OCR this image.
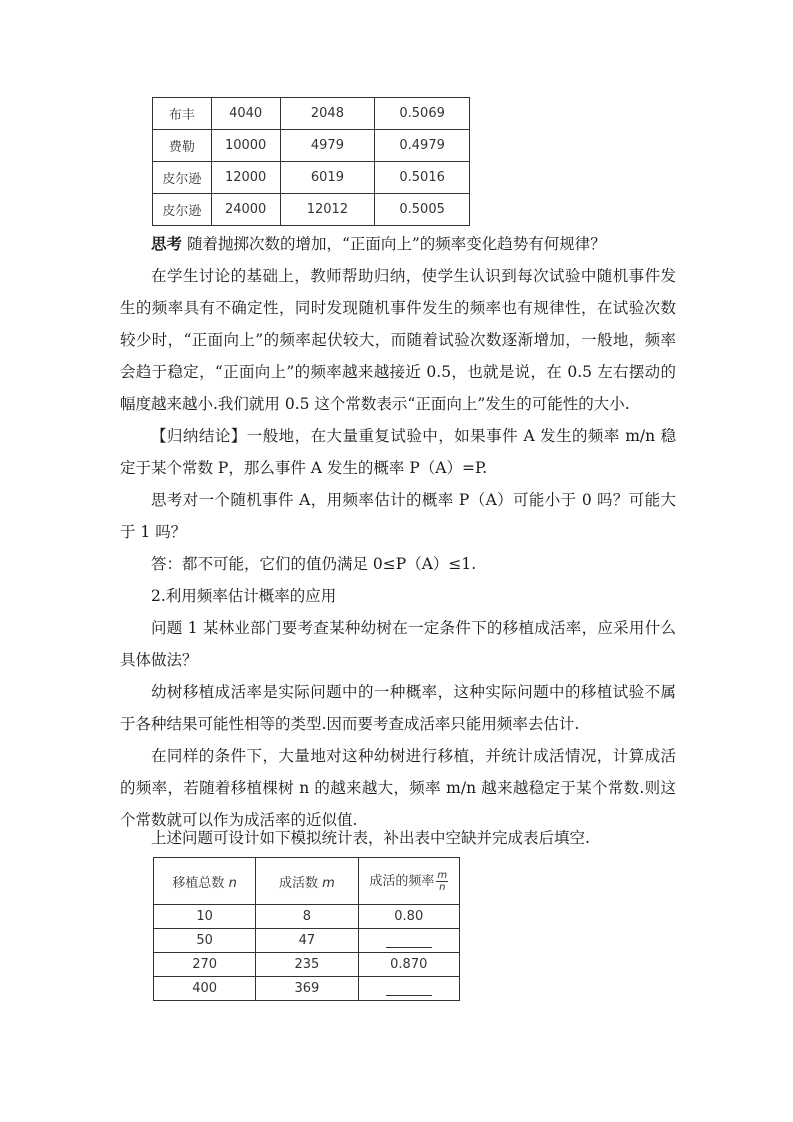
布丰	4040	2048	0.5069
费勒	10000	4979	0.4979
皮尔逊	12000	6019	0.5016
皮尔逊	24000	12012	0.5005

思考 随着抛掷次数的增加，“正面向上”的频率变化趋势有何规律？

在学生讨论的基础上，教师帮助归纳，使学生认识到每次试验中随机事件发生的频率具有不确定性，同时发现随机事件发生的频率也有规律性，在试验次数较少时，“正面向上”的频率起伏较大，而随着试验次数逐渐增加，一般地，频率会趋于稳定，“正面向上”的频率越来越接近 0.5，也就是说，在 0.5 左右摆动的幅度越来越小.我们就用 0.5 这个常数表示“正面向上”发生的可能性的大小.

【归纳结论】一般地，在大量重复试验中，如果事件 A 发生的频率 m/n 稳定于某个常数 P，那么事件 A 发生的概率 P（A）=P.

思考对一个随机事件 A，用频率估计的概率 P（A）可能小于 0 吗？可能大于 1 吗？

答：都不可能，它们的值仍满足 0≤P（A）≤1.

2.利用频率估计概率的应用

问题 1 某林业部门要考查某种幼树在一定条件下的移植成活率，应采用什么具体做法？

幼树移植成活率是实际问题中的一种概率，这种实际问题中的移植试验不属于各种结果可能性相等的类型.因而要考查成活率只能用频率去估计.

在同样的条件下，大量地对这种幼树进行移植，并统计成活情况，计算成活的频率，若随着移植棵树 n 的越来越大，频率 m/n 越来越稳定于某个常数.则这个常数就可以作为成活率的近似值.

上述问题可设计如下模拟统计表，补出表中空缺并完成表后填空.

移植总数 n	成活数 m	成活的频率 $\frac{m}{n}$

10	8	0.80
50	47	
270	235	0.870
400	369	
